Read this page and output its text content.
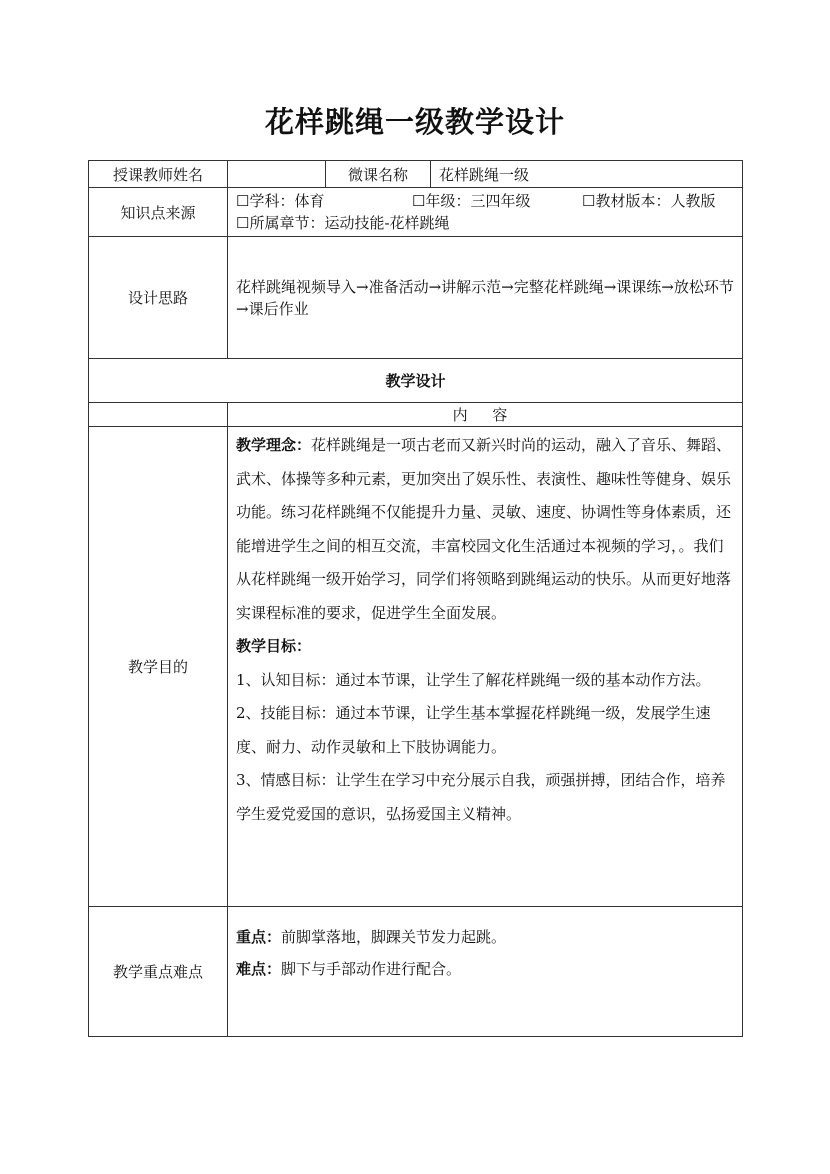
花样跳绳一级教学设计
授课教师姓名		微课名称	花样跳绳一级
知识点来源	☐学科：体育 ☐年级：三四年级 ☐教材版本：人教版
☐所属章节：运动技能-花样跳绳		

设计思路	花样跳绳视频导入→准备活动→讲解示范→完整花样跳绳→课课练→放松环节→课后作业		
教学设计			
	内 容		
教学目的	教学理念：花样跳绳是一项古老而又新兴时尚的运动，融入了音乐、舞蹈、武术、体操等多种元素，更加突出了娱乐性、表演性、趣味性等健身、娱乐功能。练习花样跳绳不仅能提升力量、灵敏、速度、协调性等身体素质，还能增进学生之间的相互交流，丰富校园文化生活通过本视频的学习，。我们从花样跳绳一级开始学习，同学们将领略到跳绳运动的快乐。从而更好地落实课程标准的要求，促进学生全面发展。

教学目标：

1、认知目标：通过本节课，让学生了解花样跳绳一级的基本动作方法。

2、技能目标：通过本节课，让学生基本掌握花样跳绳一级，发展学生速度、耐力、动作灵敏和上下肢协调能力。

3、情感目标：让学生在学习中充分展示自我，顽强拼搏，团结合作，培养学生爱党爱国的意识，弘扬爱国主义精神。		

教学重点难点	重点：前脚掌落地，脚踝关节发力起跳。

难点：脚下与手部动作进行配合。		
